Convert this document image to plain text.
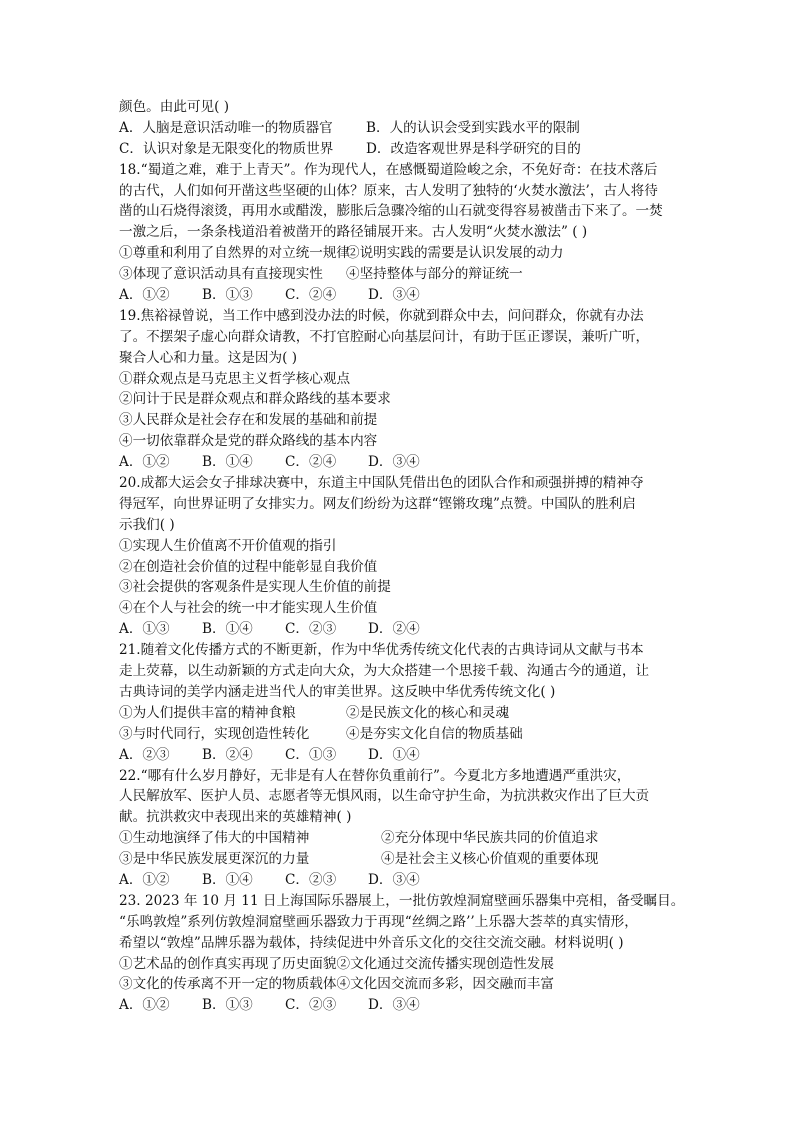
颜色。由此可见( )
A．人脑是意识活动唯一的物质器官 B．人的认识会受到实践水平的限制
C．认识对象是无限变化的物质世界 D．改造客观世界是科学研究的目的
18.“蜀道之难，难于上青天”。作为现代人，在感慨蜀道险峻之余，不免好奇：在技术落后
的古代，人们如何开凿这些坚硬的山体？原来，古人发明了独特的‘火焚水激法’，古人将待
凿的山石烧得滚烫，再用水或醋泼，膨胀后急骤冷缩的山石就变得容易被凿击下来了。一焚
一激之后，一条条栈道沿着被凿开的路径铺展开来。古人发明“火焚水激法” ( )
①尊重和利用了自然界的对立统一规律②说明实践的需要是认识发展的动力
③体现了意识活动具有直接现实性 ④坚持整体与部分的辩证统一
A．①② B．①③ C．②④ D．③④
19.焦裕禄曾说，当工作中感到没办法的时候，你就到群众中去，问问群众，你就有办法
了。不摆架子虚心向群众请教，不打官腔耐心向基层问计，有助于匡正谬误，兼听广听，
聚合人心和力量。这是因为( )
①群众观点是马克思主义哲学核心观点
②问计于民是群众观点和群众路线的基本要求
③人民群众是社会存在和发展的基础和前提
④一切依靠群众是党的群众路线的基本内容
A．①② B．①④ C．②④ D．③④
20.成都大运会女子排球决赛中，东道主中国队凭借出色的团队合作和顽强拼搏的精神夺
得冠军，向世界证明了女排实力。网友们纷纷为这群“铿锵玫瑰”点赞。中国队的胜利启
示我们( )
①实现人生价值离不开价值观的指引
②在创造社会价值的过程中能彰显自我价值
③社会提供的客观条件是实现人生价值的前提
④在个人与社会的统一中才能实现人生价值
A．①③ B．①④ C．②③ D．②④
21.随着文化传播方式的不断更新，作为中华优秀传统文化代表的古典诗词从文献与书本
走上荧幕，以生动新颖的方式走向大众，为大众搭建一个思接千载、沟通古今的通道，让
古典诗词的美学内涵走进当代人的审美世界。这反映中华优秀传统文化( )
①为人们提供丰富的精神食粮	②是民族文化的核心和灵魂
③与时代同行，实现创造性转化	④是夯实文化自信的物质基础
A．②③ B．②④ C．①③ D．①④
22.“哪有什么岁月静好，无非是有人在替你负重前行”。今夏北方多地遭遇严重洪灾，
人民解放军、医护人员、志愿者等无惧风雨，以生命守护生命，为抗洪救灾作出了巨大贡
献。抗洪救灾中表现出来的英雄精神( )
①生动地演绎了伟大的中国精神	②充分体现中华民族共同的价值追求
③是中华民族发展更深沉的力量	④是社会主义核心价值观的重要体现
A．①② B．①④ C．②③ D．③④
23. 2023 年 10 月 11 日上海国际乐器展上，一批仿敦煌洞窟壁画乐器集中亮相，备受瞩目。
“乐鸣敦煌”系列仿敦煌洞窟壁画乐器致力于再现“丝绸之路’’上乐器大荟萃的真实情形，
希望以“敦煌”品牌乐器为载体，持续促进中外音乐文化的交往交流交融。材料说明( )
①艺术品的创作真实再现了历史面貌②文化通过交流传播实现创造性发展
③文化的传承离不开一定的物质载体④文化因交流而多彩，因交融而丰富
A．①② B．①③ C．②③ D．③④
